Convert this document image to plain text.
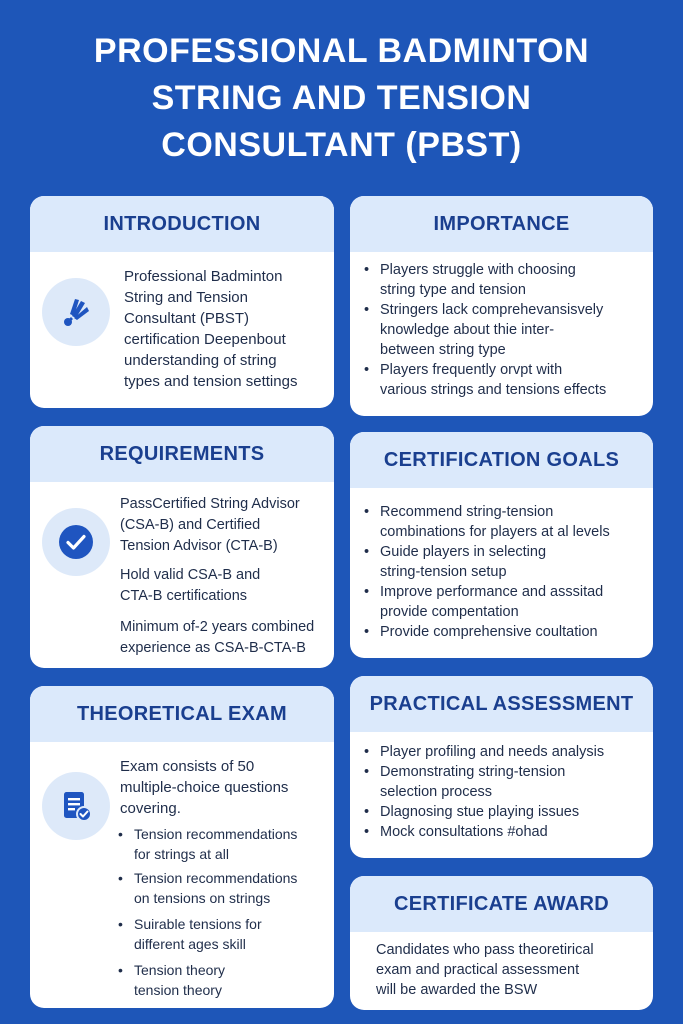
PROFESSIONAL BADMINTON
STRING AND TENSION
CONSULTANT (PBST)
INTRODUCTION
Professional Badminton
String and Tension
Consultant (PBST)
certification Deepenbout
understanding of string
types and tension settings
IMPORTANCE
• Players struggle with choosing
string type and tension
• Stringers lack comprehevansisvely
knowledge about thie inter-
between string type
• Players frequently orvpt with
various strings and tensions effects
REQUIREMENTS
PassCertified String Advisor
(CSA-B) and Certified
Tension Advisor (CTA-B)
Hold valid CSA-B and
CTA-B certifications
Minimum of-2 years combined
experience as CSA-B-CTA-B
CERTIFICATION GOALS
• Recommend string-tension
combinations for players at al levels
• Guide players in selecting
string-tension setup
• Improve performance and asssitad
provide compentation
• Provide comprehensive coultation
THEORETICAL EXAM
Exam consists of 50
multiple-choice questions
covering.
• Tension recommendations
for strings at all
• Tension recommendations
on tensions on strings
• Suirable tensions for
different ages skill
• Tension theory
tension theory
PRACTICAL ASSESSMENT
• Player profiling and needs analysis
• Demonstrating string-tension
selection process
• Dlagnosing stue playing issues
• Mock consultations #ohad
CERTIFICATE AWARD
Candidates who pass theoretirical
exam and practical assessment
will be awarded the BSW
